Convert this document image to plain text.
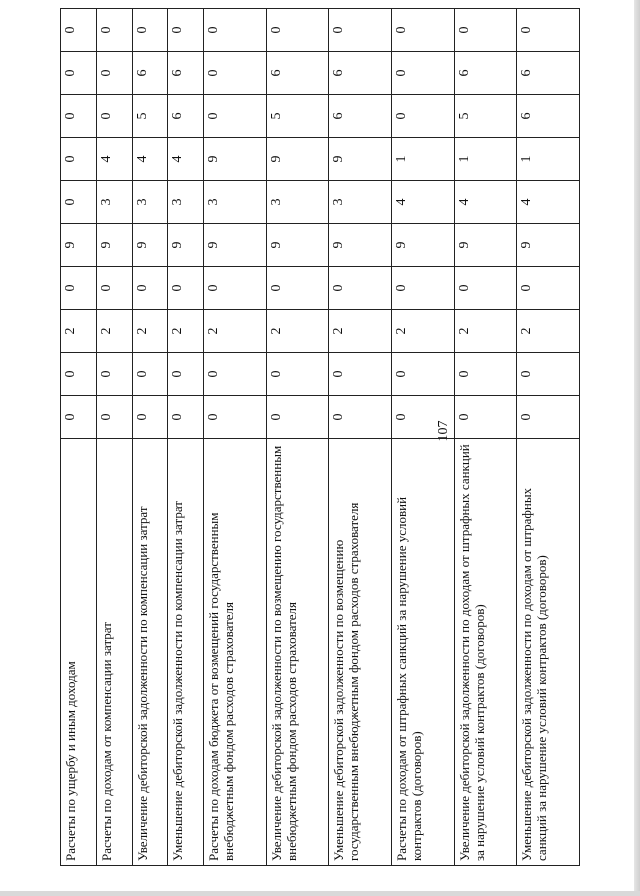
107
Расчеты по ущербу и иным доходам	0	0	2	0	9	0	0	0	0	0
Расчеты по доходам от компенсации затрат	0	0	2	0	9	3	4	0	0	0
Увеличение дебиторской задолженности по компенсации затрат	0	0	2	0	9	3	4	5	6	0
Уменьшение дебиторской задолженности по компенсации затрат	0	0	2	0	9	3	4	6	6	0
Расчеты по доходам бюджета от возмещений государственным внебюджетным фондом расходов страхователя	0	0	2	0	9	3	9	0	0	0
Увеличение дебиторской задолженности по возмещению государственным внебюджетным фондом расходов страхователя	0	0	2	0	9	3	9	5	6	0
Уменьшение дебиторской задолженности по возмещению государственным внебюджетным фондом расходов страхователя	0	0	2	0	9	3	9	6	6	0
Расчеты по доходам от штрафных санкций за нарушение условий контрактов (договоров)	0	0	2	0	9	4	1	0	0	0
Увеличение дебиторской задолженности по доходам от штрафных санкций за нарушение условий контрактов (договоров)	0	0	2	0	9	4	1	5	6	0
Уменьшение дебиторской задолженности по доходам от штрафных санкций за нарушение условий контрактов (договоров)	0	0	2	0	9	4	1	6	6	0
